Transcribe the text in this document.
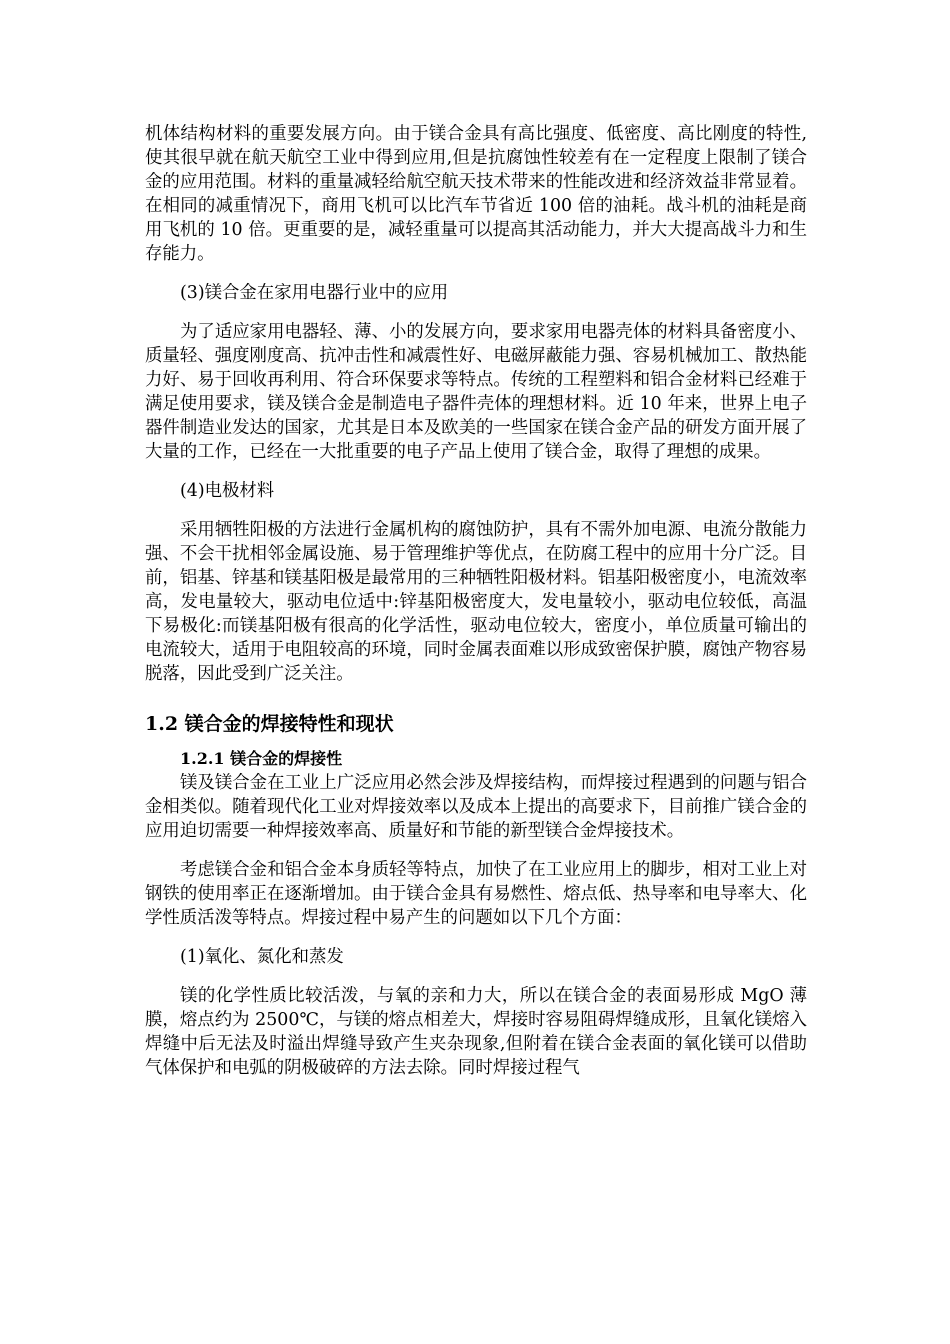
机体结构材料的重要发展方向。由于镁合金具有高比强度、低密度、高比刚度的特性,使其很早就在航天航空工业中得到应用,但是抗腐蚀性较差有在一定程度上限制了镁合金的应用范围。材料的重量减轻给航空航天技术带来的性能改进和经济效益非常显着。在相同的减重情况下，商用飞机可以比汽车节省近 100 倍的油耗。战斗机的油耗是商用飞机的 10 倍。更重要的是，减轻重量可以提高其活动能力，并大大提高战斗力和生存能力。

(3)镁合金在家用电器行业中的应用

为了适应家用电器轻、薄、小的发展方向，要求家用电器壳体的材料具备密度小、质量轻、强度刚度高、抗冲击性和减震性好、电磁屏蔽能力强、容易机械加工、散热能力好、易于回收再利用、符合环保要求等特点。传统的工程塑料和铝合金材料已经难于满足使用要求，镁及镁合金是制造电子器件壳体的理想材料。近 10 年来，世界上电子器件制造业发达的国家，尤其是日本及欧美的一些国家在镁合金产品的研发方面开展了大量的工作，已经在一大批重要的电子产品上使用了镁合金，取得了理想的成果。

(4)电极材料

采用牺牲阳极的方法进行金属机构的腐蚀防护，具有不需外加电源、电流分散能力强、不会干扰相邻金属设施、易于管理维护等优点，在防腐工程中的应用十分广泛。目前，铝基、锌基和镁基阳极是最常用的三种牺牲阳极材料。铝基阳极密度小，电流效率高，发电量较大，驱动电位适中:锌基阳极密度大，发电量较小，驱动电位较低，高温下易极化:而镁基阳极有很高的化学活性，驱动电位较大，密度小，单位质量可输出的电流较大，适用于电阻较高的环境，同时金属表面难以形成致密保护膜，腐蚀产物容易脱落，因此受到广泛关注。

1.2 镁合金的焊接特性和现状
1.2.1 镁合金的焊接性

镁及镁合金在工业上广泛应用必然会涉及焊接结构，而焊接过程遇到的问题与铝合金相类似。随着现代化工业对焊接效率以及成本上提出的高要求下，目前推广镁合金的应用迫切需要一种焊接效率高、质量好和节能的新型镁合金焊接技术。

考虑镁合金和铝合金本身质轻等特点，加快了在工业应用上的脚步，相对工业上对钢铁的使用率正在逐渐增加。由于镁合金具有易燃性、熔点低、热导率和电导率大、化学性质活泼等特点。焊接过程中易产生的问题如以下几个方面：

(1)氧化、氮化和蒸发

镁的化学性质比较活泼，与氧的亲和力大，所以在镁合金的表面易形成 MgO 薄膜，熔点约为 2500℃，与镁的熔点相差大，焊接时容易阻碍焊缝成形，且氧化镁熔入焊缝中后无法及时溢出焊缝导致产生夹杂现象,但附着在镁合金表面的氧化镁可以借助气体保护和电弧的阴极破碎的方法去除。同时焊接过程气
